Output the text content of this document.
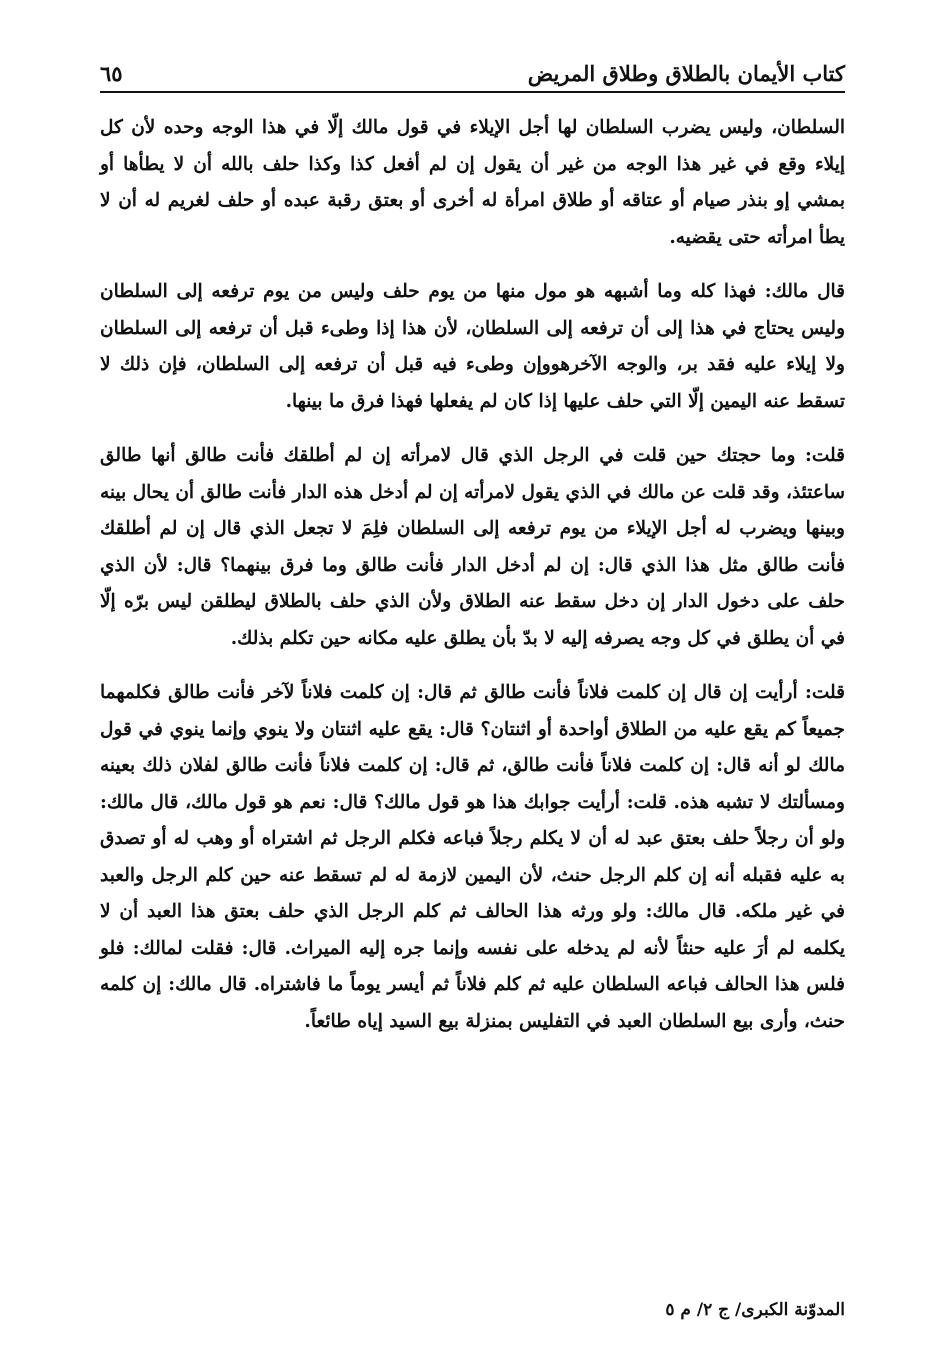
كتاب الأيمان بالطلاق وطلاق المريض
٦٥

السلطان، وليس يضرب السلطان لها أجل الإيلاء في قول مالك إلّا في هذا الوجه وحده لأن كل إيلاء وقع في غير هذا الوجه من غير أن يقول إن لم أفعل كذا وكذا حلف بالله أن لا يطأها أو بمشي إو بنذر صيام أو عتاقه أو طلاق امرأة له أخرى أو بعتق رقبة عبده أو حلف لغريم له أن لا يطأ امرأته حتى يقضيه.

قال مالك: فهذا كله وما أشبهه هو مول منها من يوم حلف وليس من يوم ترفعه إلى السلطان وليس يحتاج في هذا إلى أن ترفعه إلى السلطان، لأن هذا إذا وطىء قبل أن ترفعه إلى السلطان ولا إيلاء عليه فقد بر، والوجه الآخرهووإن وطىء فيه قبل أن ترفعه إلى السلطان، فإن ذلك لا تسقط عنه اليمين إلّا التي حلف عليها إذا كان لم يفعلها فهذا فرق ما بينها.

قلت: وما حجتك حين قلت في الرجل الذي قال لامرأته إن لم أطلقك فأنت طالق أنها طالق ساعتئذ، وقد قلت عن مالك في الذي يقول لامرأته إن لم أدخل هذه الدار فأنت طالق أن يحال بينه وبينها ويضرب له أجل الإيلاء من يوم ترفعه إلى السلطان فلِمَ لا تجعل الذي قال إن لم أطلقك فأنت طالق مثل هذا الذي قال: إن لم أدخل الدار فأنت طالق وما فرق بينهما؟ قال: لأن الذي حلف على دخول الدار إن دخل سقط عنه الطلاق ولأن الذي حلف بالطلاق ليطلقن ليس برّه إلّا في أن يطلق في كل وجه يصرفه إليه لا بدّ بأن يطلق عليه مكانه حين تكلم بذلك.

قلت: أرأيت إن قال إن كلمت فلاناً فأنت طالق ثم قال: إن كلمت فلاناً لآخر فأنت طالق فكلمهما جميعاً كم يقع عليه من الطلاق أواحدة أو اثنتان؟ قال: يقع عليه اثنتان ولا ينوي وإنما ينوي في قول مالك لو أنه قال: إن كلمت فلاناً فأنت طالق، ثم قال: إن كلمت فلاناً فأنت طالق لفلان ذلك بعينه ومسألتك لا تشبه هذه. قلت: أرأيت جوابك هذا هو قول مالك؟ قال: نعم هو قول مالك، قال مالك: ولو أن رجلاً حلف بعتق عبد له أن لا يكلم رجلاً فباعه فكلم الرجل ثم اشتراه أو وهب له أو تصدق به عليه فقبله أنه إن كلم الرجل حنث، لأن اليمين لازمة له لم تسقط عنه حين كلم الرجل والعبد في غير ملكه. قال مالك: ولو ورثه هذا الحالف ثم كلم الرجل الذي حلف بعتق هذا العبد أن لا يكلمه لم أرَ عليه حنثاً لأنه لم يدخله على نفسه وإنما جره إليه الميراث. قال: فقلت لمالك: فلو فلس هذا الحالف فباعه السلطان عليه ثم كلم فلاناً ثم أيسر يوماً ما فاشتراه. قال مالك: إن كلمه حنث، وأرى بيع السلطان العبد في التفليس بمنزلة بيع السيد إياه طائعاً.

المدوّنة الكبرى/ ج ٢/ م ٥
